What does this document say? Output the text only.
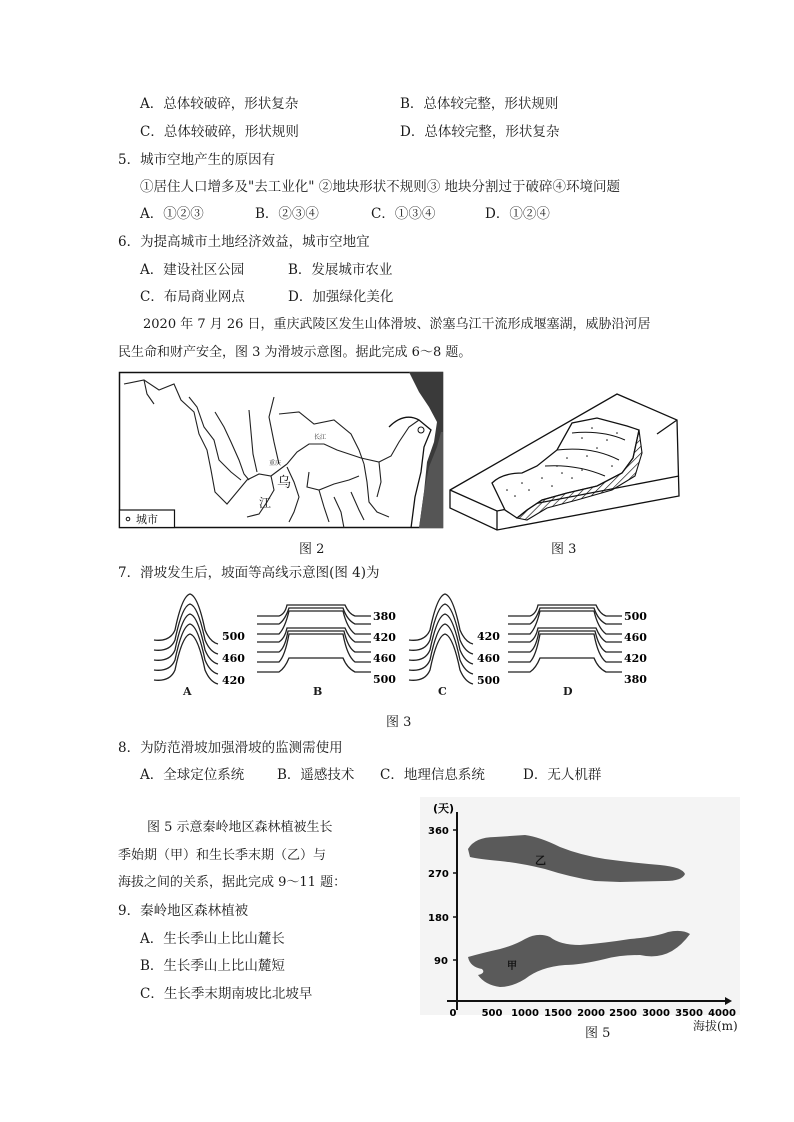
A．总体较破碎，形状复杂	B．总体较完整，形状规则
C．总体较破碎，形状规则	D．总体较完整，形状复杂
5．城市空地产生的原因有
①居住人口增多及"去工业化" ②地块形状不规则③ 地块分割过于破碎④环境问题
A．①②③	B．②③④	C．①③④	D．①②④
6．为提高城市土地经济效益，城市空地宜
A．建设社区公园	B．发展城市农业
C．布局商业网点	D．加强绿化美化
2020 年 7 月 26 日，重庆武陵区发生山体滑坡、淤塞乌江干流形成堰塞湖，威胁沿河居
民生命和财产安全，图 3 为滑坡示意图。据此完成 6～8 题。
重庆
乌
江
长江
城市
图 2	图 3
7．滑坡发生后，坡面等高线示意图(图 4)为
500
460
420
A
380
420
460
500
B
420
460
500
C
500
460
420
380
D
图 3
8．为防范滑坡加强滑坡的监测需使用
A．全球定位系统 B．遥感技术 C．地理信息系统	D．无人机群
图 5 示意秦岭地区森林植被生长
季始期（甲）和生长季末期（乙）与
海拔之间的关系，据此完成 9～11 题：
9．秦岭地区森林植被
A．生长季山上比山麓长
B．生长季山上比山麓短
C．生长季末期南坡比北坡早
(天)
360
270
180
90
0	500 1000 1500 2000 2500 3000 3500 4000
乙
甲
海拔(m)
图 5
